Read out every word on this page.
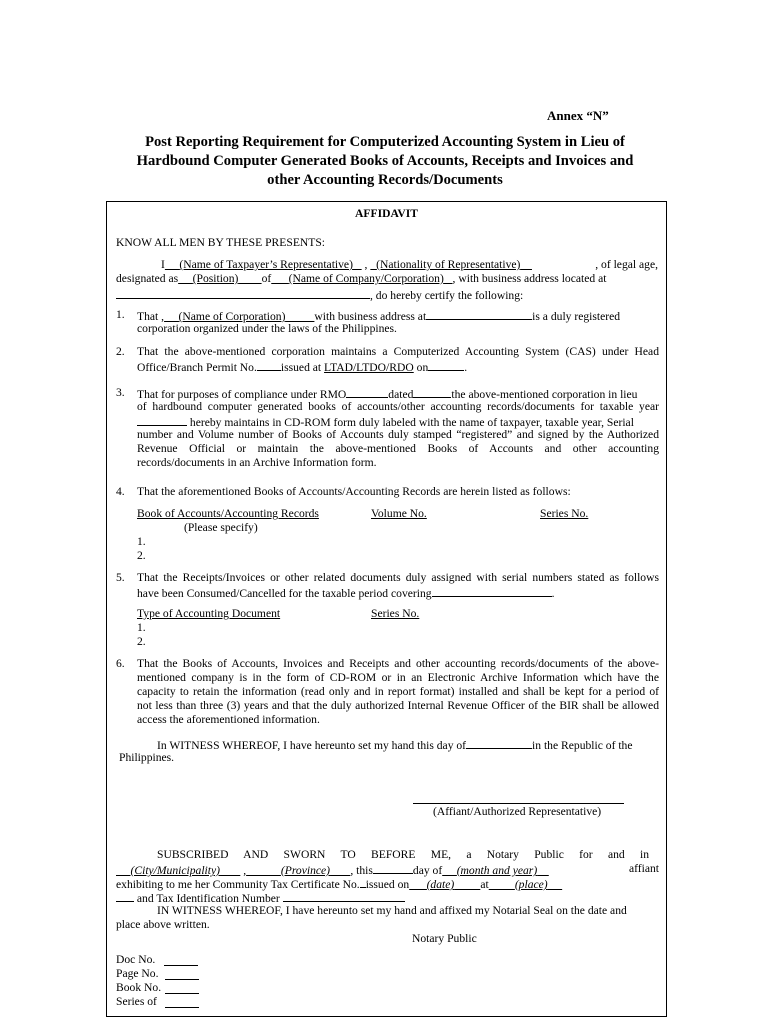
Annex “N”
Post Reporting Requirement for Computerized Accounting System in Lieu of
Hardbound Computer Generated Books of Accounts, Receipts and Invoices and
other Accounting Records/Documents
AFFIDAVIT
KNOW ALL MEN BY THESE PRESENTS:
I (Name of Taxpayer’s Representative)    ,   (Nationality of Representative)	, of legal age,
designated as (Position) of (Name of Company/Corporation) , with business address located at
, do hereby certify the following:
1. That , (Name of Corporation) with business address at	is a duly registered
corporation organized under the laws of the Philippines.
2. That the above-mentioned corporation maintains a Computerized Accounting System (CAS) under Head
Office/Branch Permit No. issued at LTAD/LTDO/RDO on	.
3. That for purposes of compliance under RMO	dated	the above-mentioned corporation in lieu
of hardbound computer generated books of accounts/other accounting records/documents for taxable year
hereby maintains in CD-ROM form duly labeled with the name of taxpayer, taxable year, Serial
number and Volume number of Books of Accounts duly stamped “registered” and signed by the Authorized
Revenue Official or maintain the above-mentioned Books of Accounts and other accounting
records/documents in an Archive Information form.
4. That the aforementioned Books of Accounts/Accounting Records are herein listed as follows:
Book of Accounts/Accounting Records	Volume No.	Series No.
(Please specify)
1.
2.
5. That the Receipts/Invoices or other related documents duly assigned with serial numbers stated as follows
have been Consumed/Cancelled for the taxable period covering	.
Type of Accounting Document	Series No.
1.
2.
6. That the Books of Accounts, Invoices and Receipts and other accounting records/documents of the above-
mentioned company is in the form of CD-ROM or in an Electronic Archive Information which have the
capacity to retain the information (read only and in report format) installed and shall be kept for a period of
not less than three (3) years and that the duly authorized Internal Revenue Officer of the BIR shall be allowed
access the aforementioned information.
In WITNESS WHEREOF, I have hereunto set my hand this day of	in the Republic of the
Philippines.
(Affiant/Authorized Representative)
SUBSCRIBED AND SWORN TO BEFORE ME, a Notary Public for and in
(City/Municipality)        ,	(Province) , this	day of (month and year)	affiant
exhibiting to me her Community Tax Certificate No. issued on (date) at (place)
and Tax Identification Number
IN WITNESS WHEREOF, I have hereunto set my hand and affixed my Notarial Seal on the date and
place above written.
Notary Public
Doc No.
Page No.
Book No.
Series of
